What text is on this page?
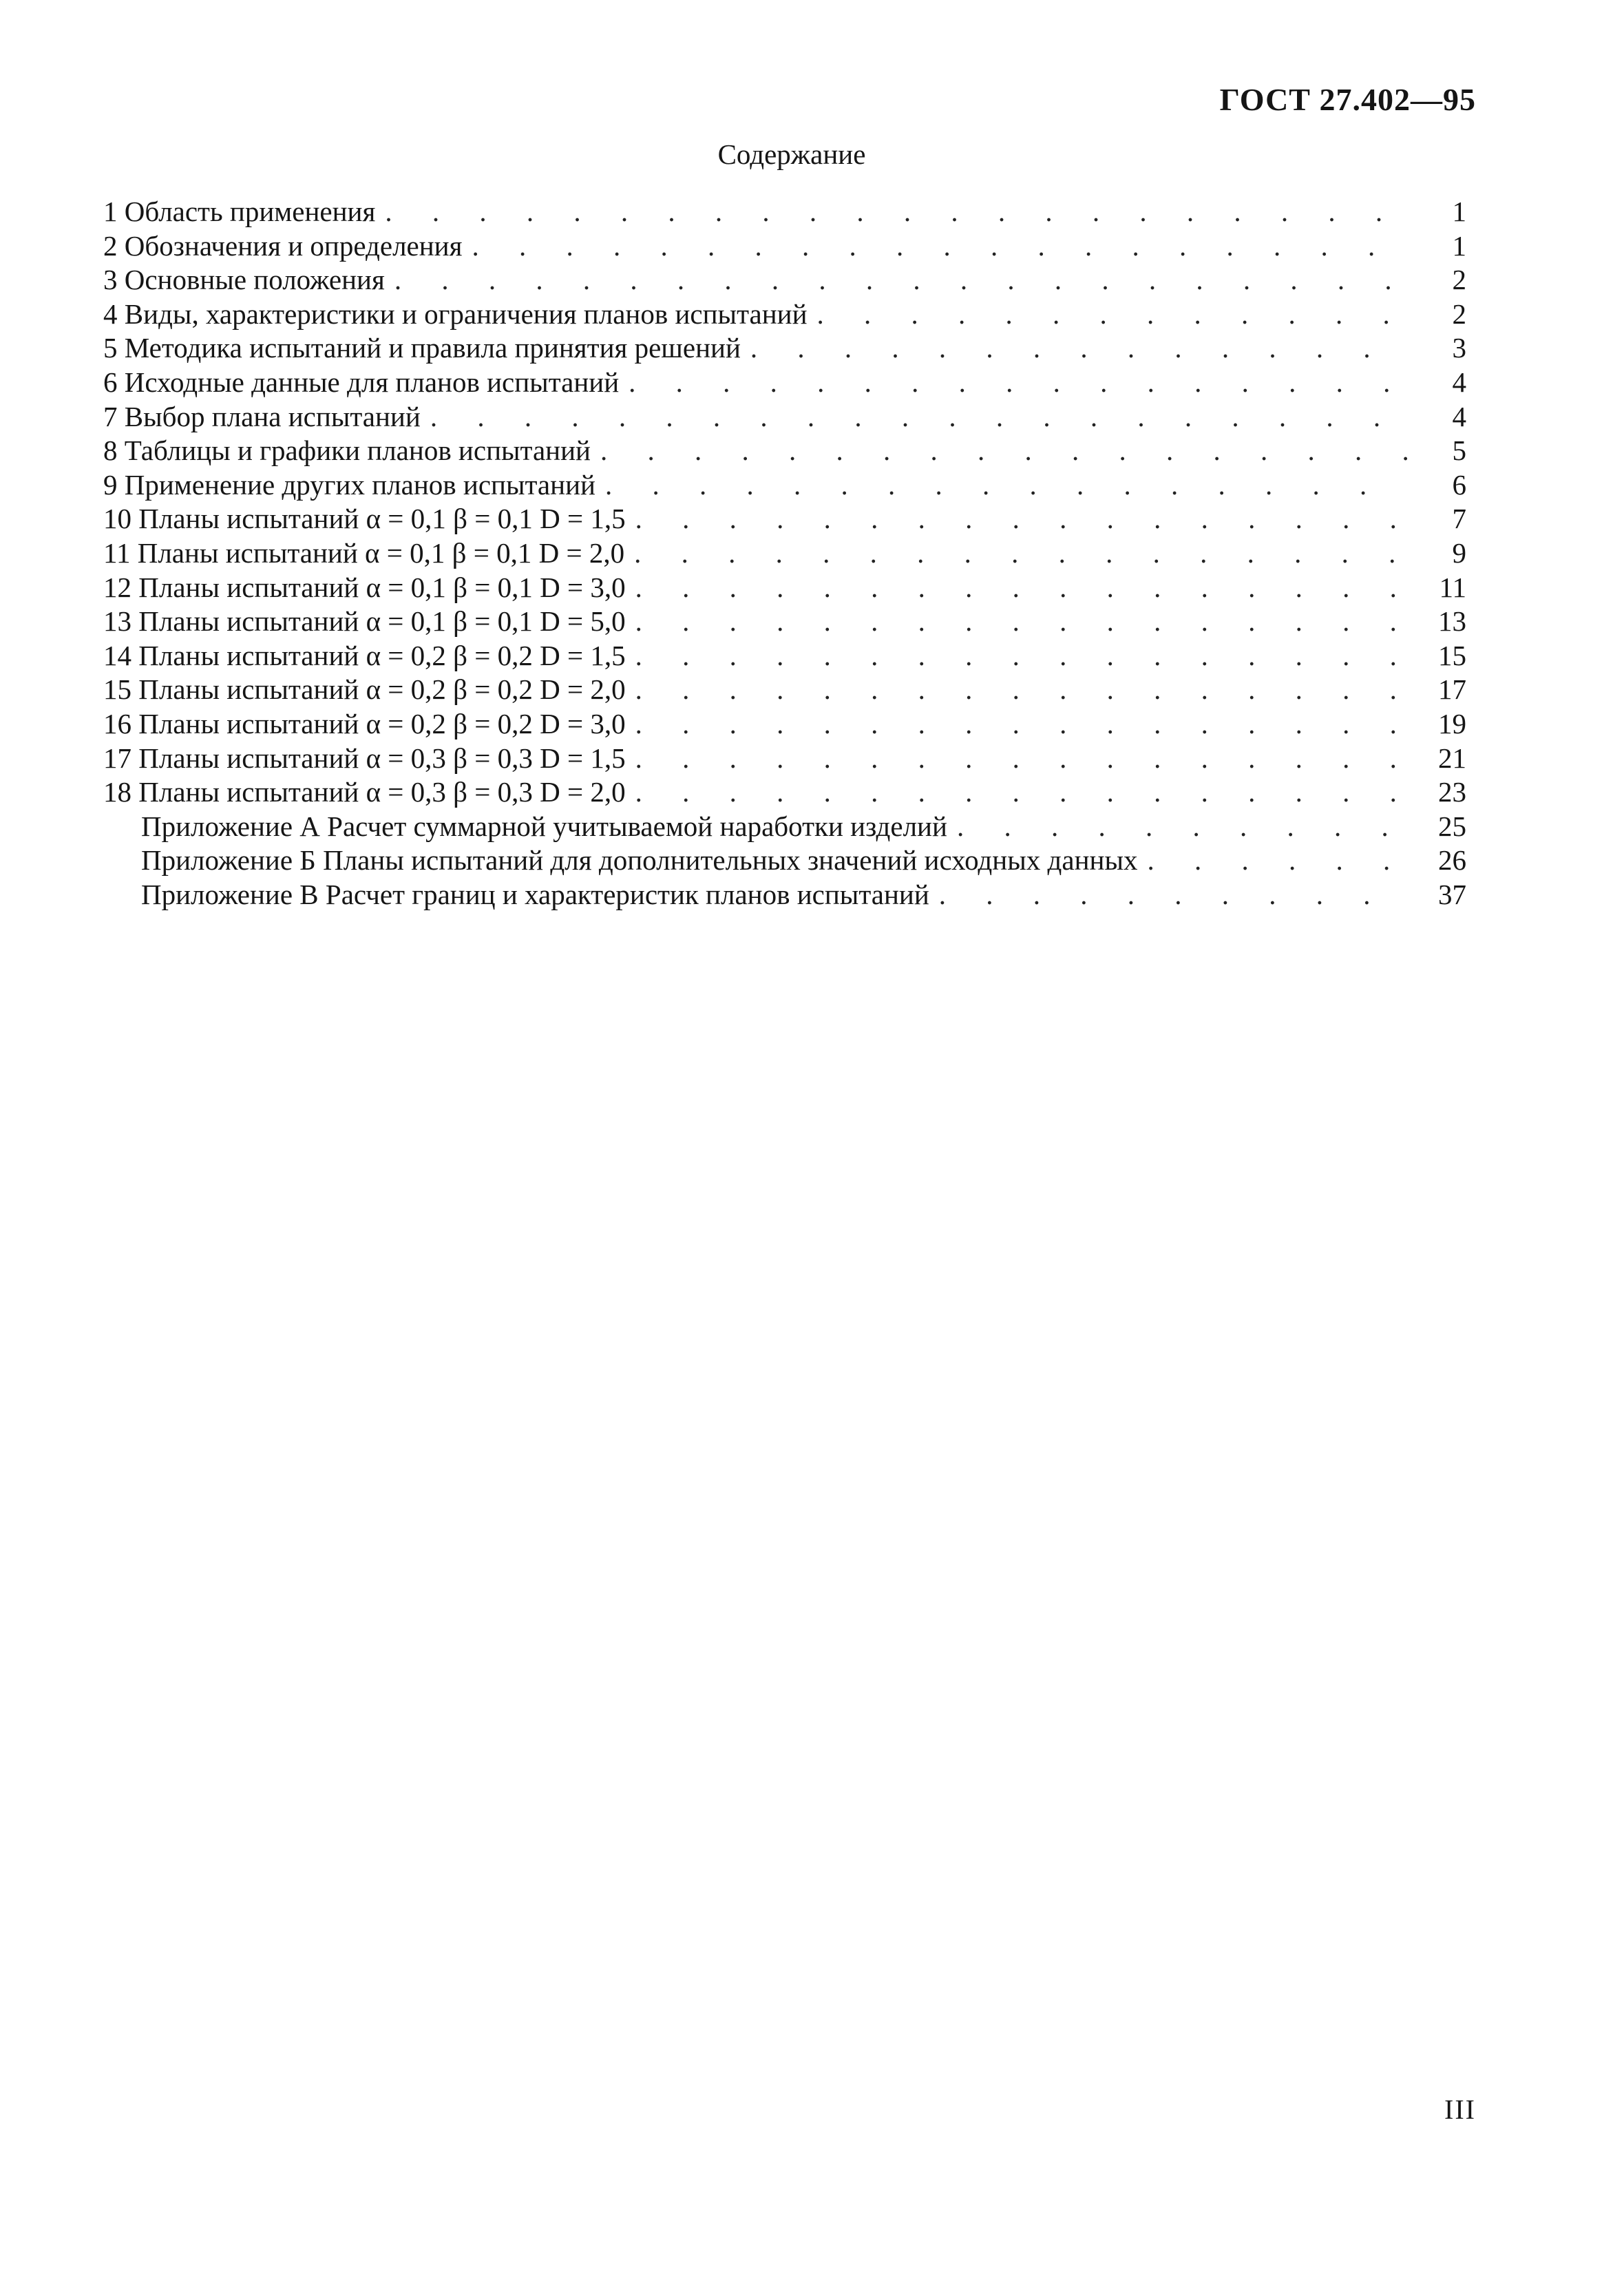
ГОСТ 27.402—95
Содержание
1 Область применения . . .	1
2 Обозначения и определения . . .	1
3 Основные положения . . .	2
4 Виды, характеристики и ограничения планов испытаний . . .	2
5 Методика испытаний и правила принятия решений . . .	3
6 Исходные данные для планов испытаний . . .	4
7 Выбор плана испытаний . . .	4
8 Таблицы и графики планов испытаний . . .	5
9 Применение других планов испытаний . . .	6
10 Планы испытаний α = 0,1 β = 0,1 D = 1,5 . . .	7
11 Планы испытаний α = 0,1 β = 0,1 D = 2,0 . . .	9
12 Планы испытаний α = 0,1 β = 0,1 D = 3,0 . . .	11
13 Планы испытаний α = 0,1 β = 0,1 D = 5,0 . . .	13
14 Планы испытаний α = 0,2 β = 0,2 D = 1,5 . . .	15
15 Планы испытаний α = 0,2 β = 0,2 D = 2,0 . . .	17
16 Планы испытаний α = 0,2 β = 0,2 D = 3,0 . . .	19
17 Планы испытаний α = 0,3 β = 0,3 D = 1,5 . . .	21
18 Планы испытаний α = 0,3 β = 0,3 D = 2,0 . . .	23
Приложение А Расчет суммарной учитываемой наработки изделий . . .	25
Приложение Б Планы испытаний для дополнительных значений исходных данных . . .	26
Приложение В Расчет границ и характеристик планов испытаний . . .	37
III
